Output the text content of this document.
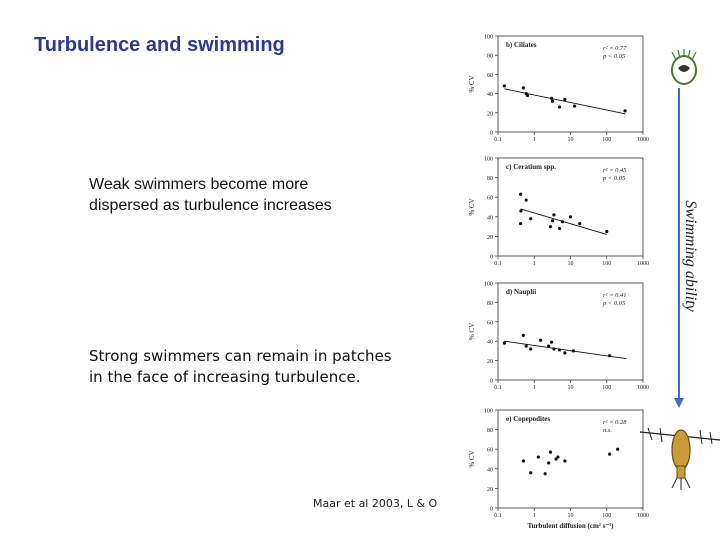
Turbulence and swimming
Weak swimmers become more
dispersed as turbulence increases
Strong swimmers can remain in patches
in the face of increasing turbulence.
Maar et al 2003, L & O
0
20
40
60
80
100
0.1	1	10	100	1000
% CV
b) Ciliates	r² = 0.77
p < 0.05
0
20
40
60
80
100
0.1	1	10	100	1000
% CV
c) Ceratium spp.	r² = 0.45
p < 0.05
0
20
40
60
80
100
0.1	1	10	100	1000
% CV
d) Nauplii	r² = 0.41
p < 0.05
0
20
40
60
80
100
0.1	1	10	100	1000
% CV
e) Copepodites	r² = 0.28
n.s.
Turbulent diffusion (cm² s⁻¹)
Swimming ability
